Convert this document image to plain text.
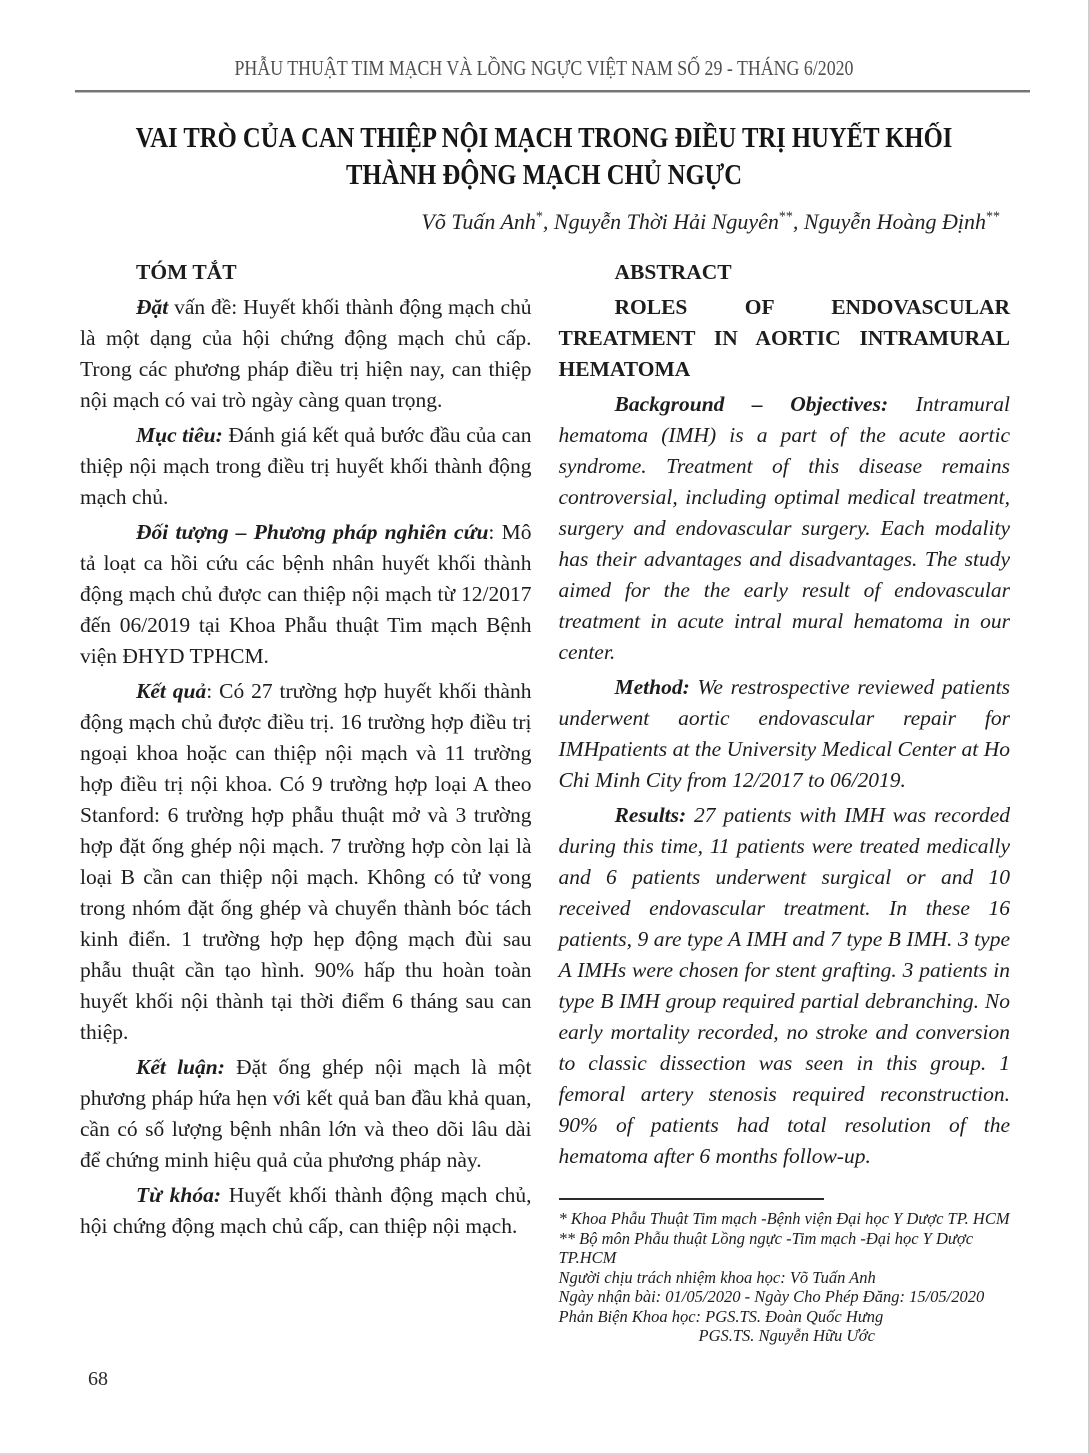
PHẪU THUẬT TIM MẠCH VÀ LỒNG NGỰC VIỆT NAM SỐ 29 - THÁNG 6/2020
VAI TRÒ CỦA CAN THIỆP NỘI MẠCH TRONG ĐIỀU TRỊ HUYẾT KHỐI
THÀNH ĐỘNG MẠCH CHỦ NGỰC
Võ Tuấn Anh*, Nguyễn Thời Hải Nguyên**, Nguyễn Hoàng Định**

TÓM TẮT

Đặt vấn đề: Huyết khối thành động mạch chủ là một dạng của hội chứng động mạch chủ cấp. Trong các phương pháp điều trị hiện nay, can thiệp nội mạch có vai trò ngày càng quan trọng.

Mục tiêu: Đánh giá kết quả bước đầu của can thiệp nội mạch trong điều trị huyết khối thành động mạch chủ.

Đối tượng – Phương pháp nghiên cứu: Mô tả loạt ca hồi cứu các bệnh nhân huyết khối thành động mạch chủ được can thiệp nội mạch từ 12/2017 đến 06/2019 tại Khoa Phẫu thuật Tim mạch Bệnh viện ĐHYD TPHCM.

Kết quả: Có 27 trường hợp huyết khối thành động mạch chủ được điều trị. 16 trường hợp điều trị ngoại khoa hoặc can thiệp nội mạch và 11 trường hợp điều trị nội khoa. Có 9 trường hợp loại A theo Stanford: 6 trường hợp phẫu thuật mở và 3 trường hợp đặt ống ghép nội mạch. 7 trường hợp còn lại là loại B cần can thiệp nội mạch. Không có tử vong trong nhóm đặt ống ghép và chuyển thành bóc tách kinh điển. 1 trường hợp hẹp động mạch đùi sau phẫu thuật cần tạo hình. 90% hấp thu hoàn toàn huyết khối nội thành tại thời điểm 6 tháng sau can thiệp.

Kết luận: Đặt ống ghép nội mạch là một phương pháp hứa hẹn với kết quả ban đầu khả quan, cần có số lượng bệnh nhân lớn và theo dõi lâu dài để chứng minh hiệu quả của phương pháp này.

Từ khóa: Huyết khối thành động mạch chủ, hội chứng động mạch chủ cấp, can thiệp nội mạch.

ABSTRACT

ROLES OF ENDOVASCULAR TREATMENT IN AORTIC INTRAMURAL HEMATOMA

Background – Objectives: Intramural hematoma (IMH) is a part of the acute aortic syndrome. Treatment of this disease remains controversial, including optimal medical treatment, surgery and endovascular surgery. Each modality has their advantages and disadvantages. The study aimed for the the early result of endovascular treatment in acute intral mural hematoma in our center.

Method: We restrospective reviewed patients underwent aortic endovascular repair for IMHpatients at the University Medical Center at Ho Chi Minh City from 12/2017 to 06/2019.

Results: 27 patients with IMH was recorded during this time, 11 patients were treated medically and 6 patients underwent surgical or and 10 received endovascular treatment. In these 16 patients, 9 are type A IMH and 7 type B IMH. 3 type A IMHs were chosen for stent grafting. 3 patients in type B IMH group required partial debranching. No early mortality recorded, no stroke and conversion to classic dissection was seen in this group. 1 femoral artery stenosis required reconstruction. 90% of patients had total resolution of the hematoma after 6 months follow-up.

* Khoa Phẫu Thuật Tim mạch -Bệnh viện Đại học Y Dược TP. HCM
** Bộ môn Phẫu thuật Lồng ngực -Tim mạch -Đại học Y Dược TP.HCM
Người chịu trách nhiệm khoa học: Võ Tuấn Anh
Ngày nhận bài: 01/05/2020 - Ngày Cho Phép Đăng: 15/05/2020
Phản Biện Khoa học: PGS.TS. Đoàn Quốc Hưng
PGS.TS. Nguyễn Hữu Ước
68
